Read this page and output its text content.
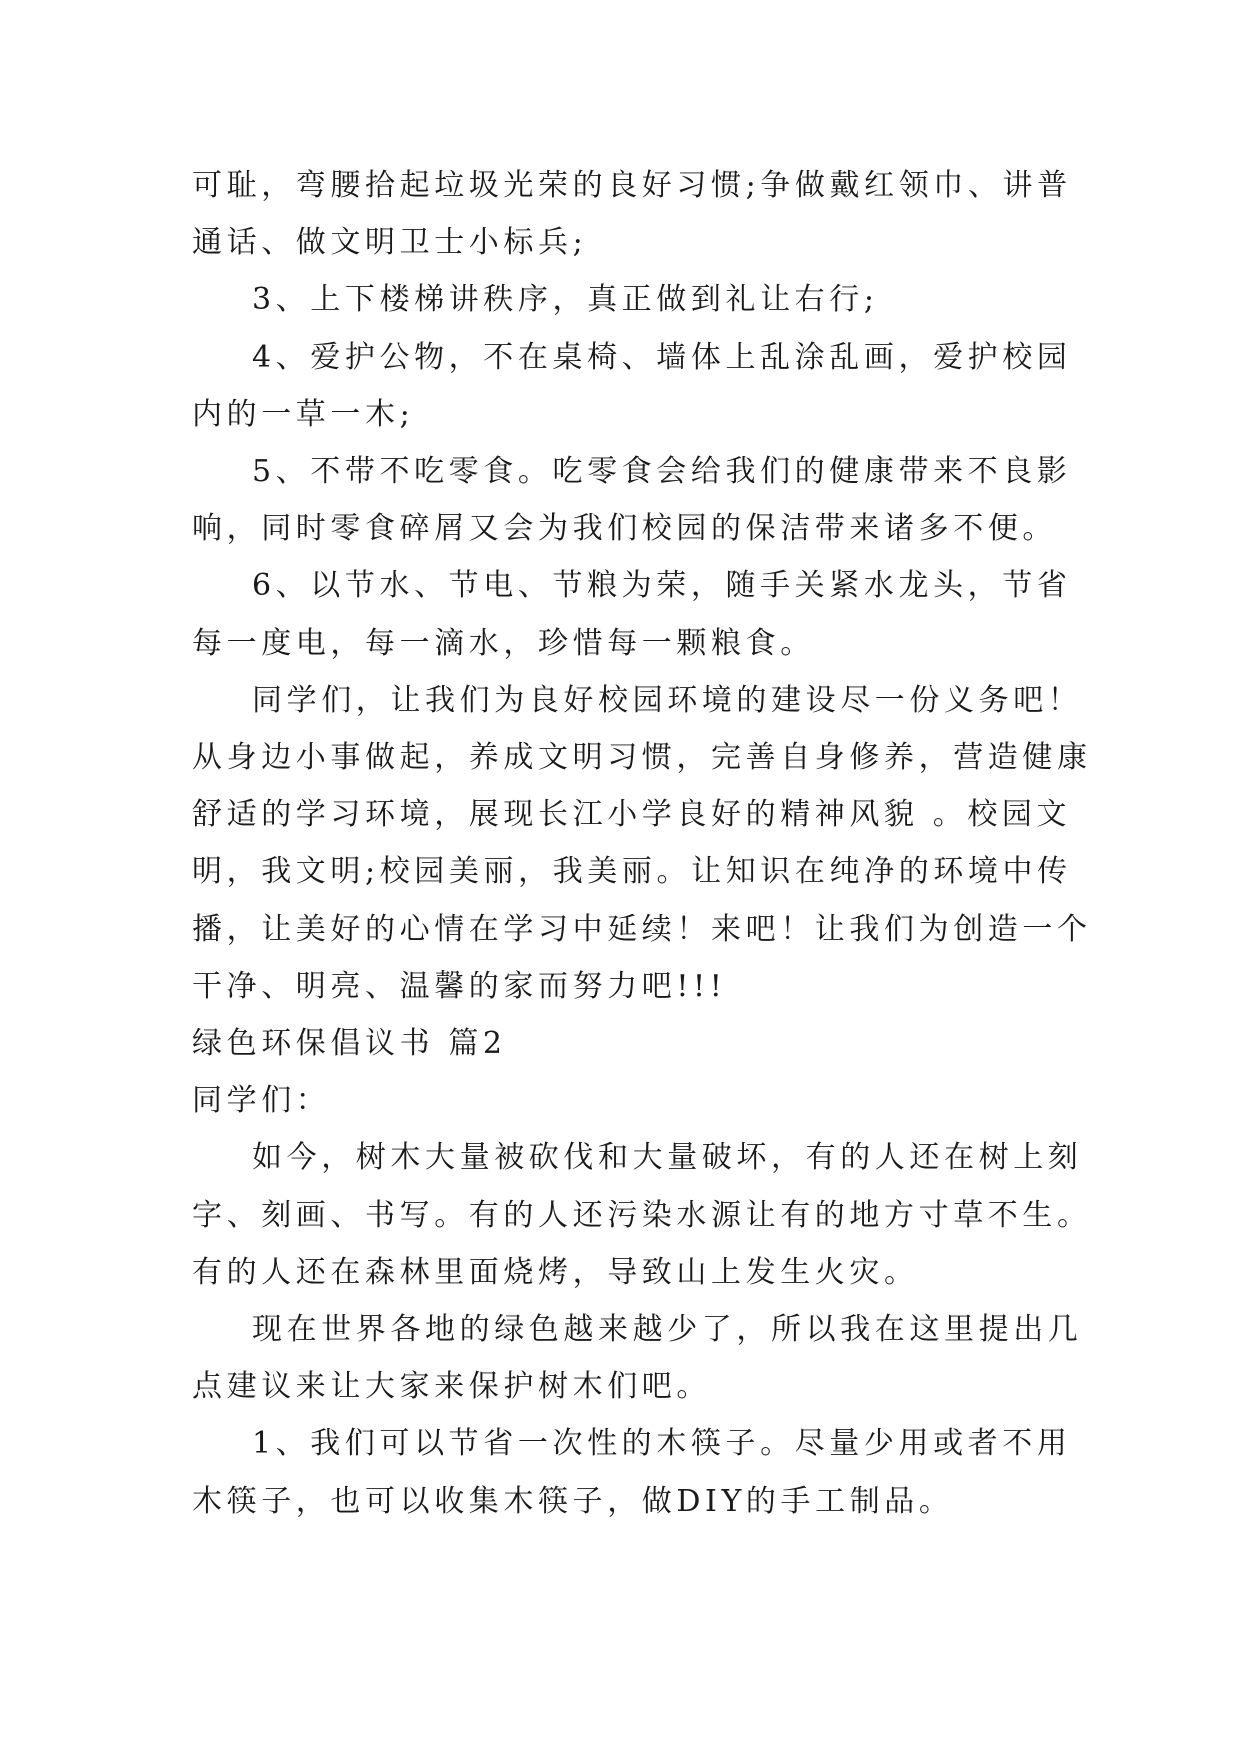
可耻，弯腰拾起垃圾光荣的良好习惯;争做戴红领巾、讲普
通话、做文明卫士小标兵;
3、上下楼梯讲秩序，真正做到礼让右行;
4、爱护公物，不在桌椅、墙体上乱涂乱画，爱护校园
内的一草一木;
5、不带不吃零食。吃零食会给我们的健康带来不良影
响，同时零食碎屑又会为我们校园的保洁带来诸多不便。
6、以节水、节电、节粮为荣，随手关紧水龙头，节省
每一度电，每一滴水，珍惜每一颗粮食。
同学们，让我们为良好校园环境的建设尽一份义务吧！
从身边小事做起，养成文明习惯，完善自身修养，营造健康
舒适的学习环境，展现长江小学良好的精神风貌 。校园文
明，我文明;校园美丽，我美丽。让知识在纯净的环境中传
播，让美好的心情在学习中延续！来吧！让我们为创造一个
干净、明亮、温馨的家而努力吧!!!
绿色环保倡议书 篇2
同学们：
如今，树木大量被砍伐和大量破坏，有的人还在树上刻
字、刻画、书写。有的人还污染水源让有的地方寸草不生。
有的人还在森林里面烧烤，导致山上发生火灾。
现在世界各地的绿色越来越少了，所以我在这里提出几
点建议来让大家来保护树木们吧。
1、我们可以节省一次性的木筷子。尽量少用或者不用
木筷子，也可以收集木筷子，做DIY的手工制品。
